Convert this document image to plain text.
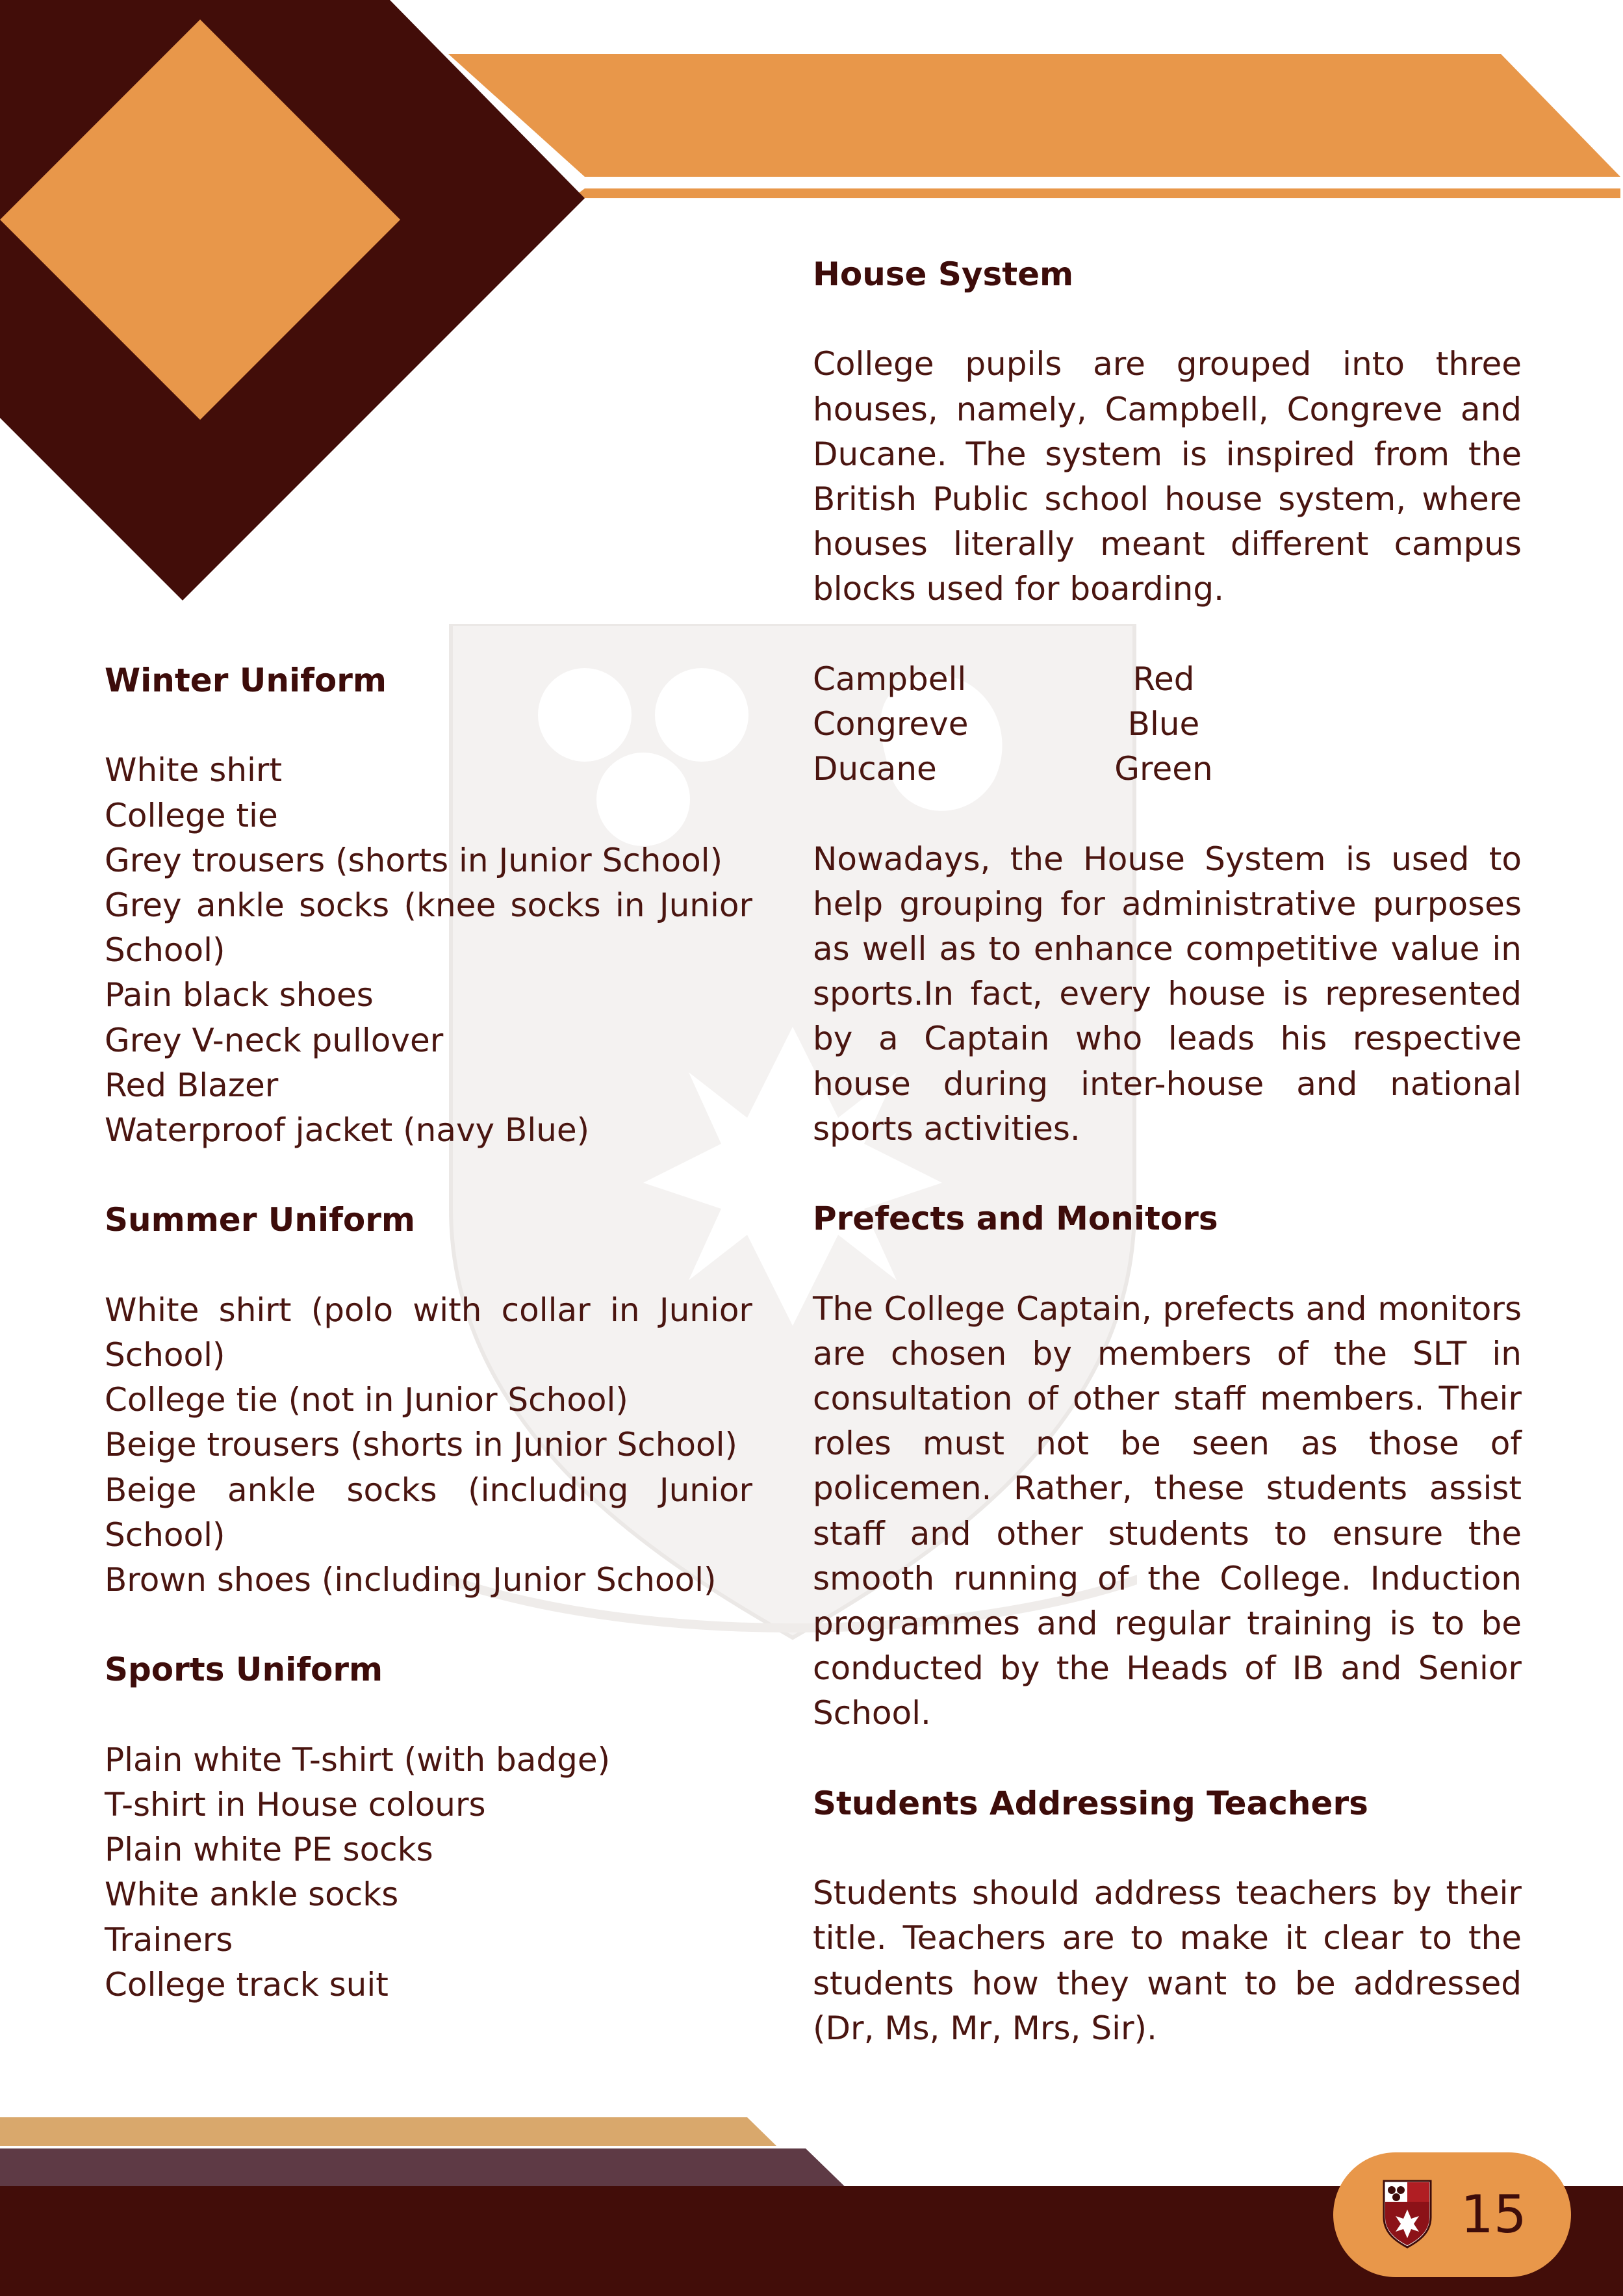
Winter Uniform
White shirt
College tie
Grey trousers (shorts in Junior School)
Grey ankle socks (knee socks in Junior School)
Pain black shoes
Grey V-neck pullover
Red Blazer
Waterproof jacket (navy Blue)
Summer Uniform
White shirt (polo with collar in Junior School)
College tie (not in Junior School)
Beige trousers (shorts in Junior School)
Beige ankle socks (including Junior School)
Brown shoes (including Junior School)
Sports Uniform
Plain white T-shirt (with badge)
T-shirt in House colours
Plain white PE socks
White ankle socks
Trainers
College track suit
House System

College pupils are grouped into three houses, namely, Campbell, Congreve and Ducane. The system is inspired from the British Public school house system, where houses literally meant different campus blocks used for boarding.

Campbell	Red
Congreve	Blue
Ducane	Green

Nowadays, the House System is used to help grouping for administrative purposes as well as to enhance competitive value in sports.In fact, every house is represented by a Captain who leads his respective house during inter-house and national sports activities.

Prefects and Monitors

The College Captain, prefects and monitors are chosen by members of the SLT in consultation of other staff members. Their roles must not be seen as those of policemen. Rather, these students assist staff and other students to ensure the smooth running of the College. Induction programmes and regular training is to be conducted by the Heads of IB and Senior School.

Students Addressing Teachers

Students should address teachers by their title. Teachers are to make it clear to the students how they want to be addressed (Dr, Ms, Mr, Mrs, Sir).

15
